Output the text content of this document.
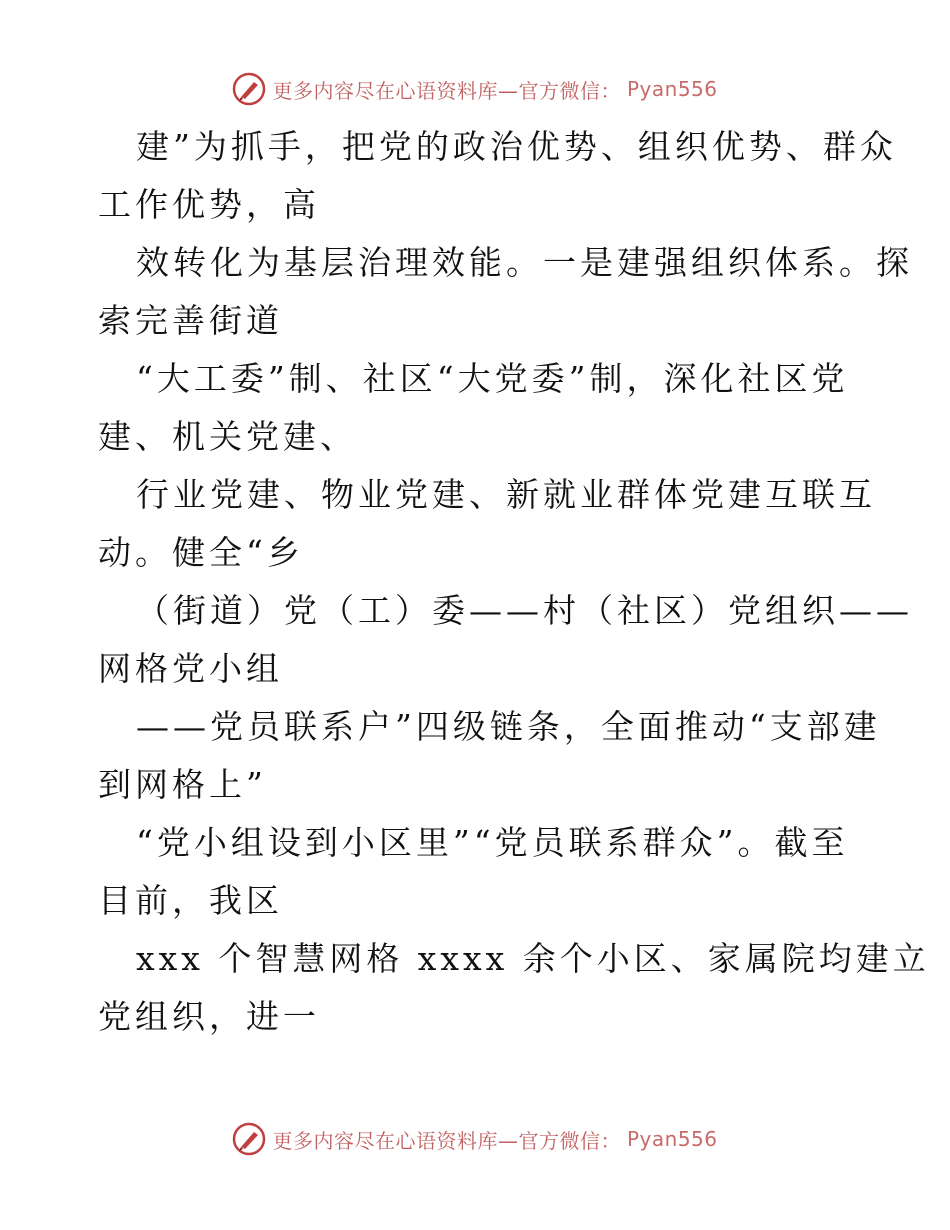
更多内容尽在心语资料库—官方微信： Pyan556

建”为抓手，把党的政治优势、组织优势、群众
工作优势，高

效转化为基层治理效能。一是建强组织体系。探
索完善街道

“大工委”制、社区“大党委”制，深化社区党
建、机关党建、

行业党建、物业党建、新就业群体党建互联互
动。健全“乡

（街道）党（工）委——村（社区）党组织——
网格党小组

——党员联系户”四级链条，全面推动“支部建
到网格上”

“党小组设到小区里”“党员联系群众”。截至
目前，我区

xxx 个智慧网格 xxxx 余个小区、家属院均建立
党组织，进一

更多内容尽在心语资料库—官方微信： Pyan556
